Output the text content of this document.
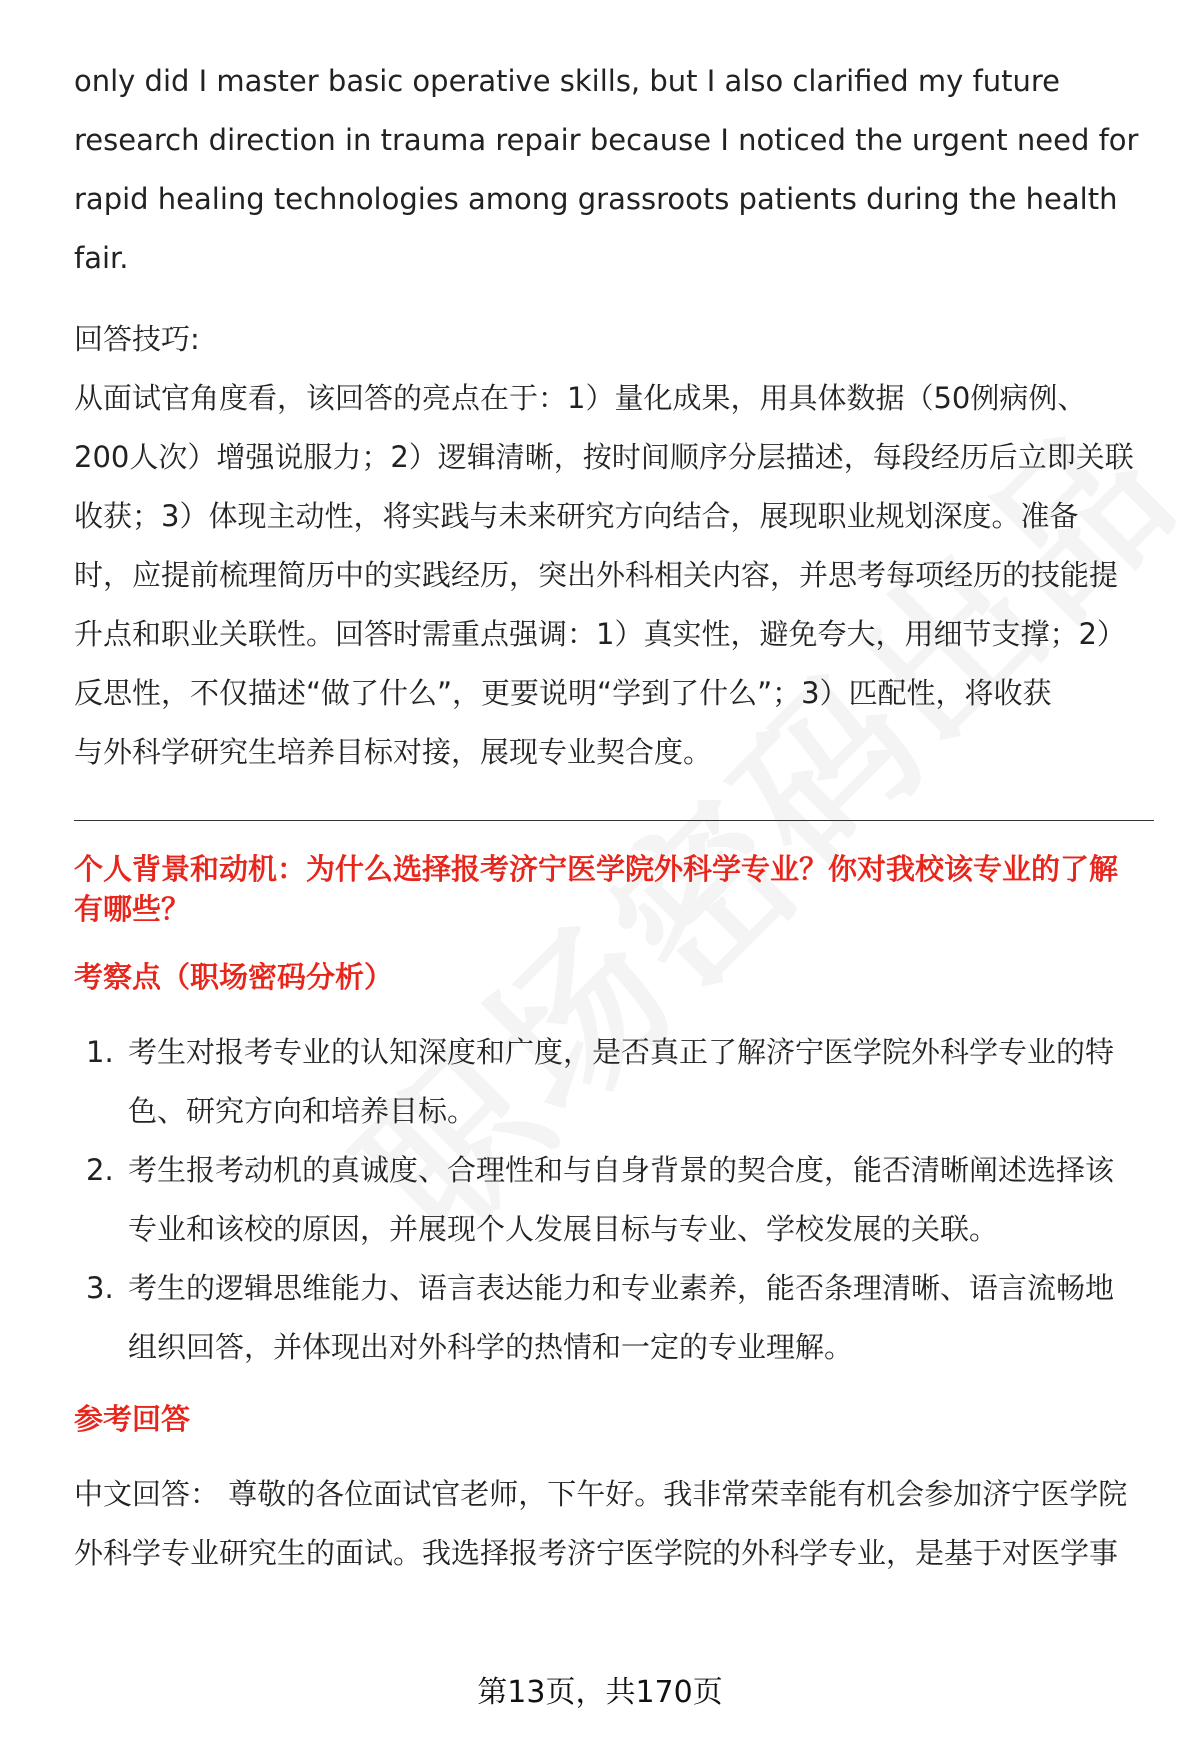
only did I master basic operative skills, but I also clarified my future

research direction in trauma repair because I noticed the urgent need for

rapid healing technologies among grassroots patients during the health

fair.

回答技巧:

从面试官角度看，该回答的亮点在于：1）量化成果，用具体数据（50例病例、

200人次）增强说服力；2）逻辑清晰，按时间顺序分层描述，每段经历后立即关联

收获；3）体现主动性，将实践与未来研究方向结合，展现职业规划深度。准备

时，应提前梳理简历中的实践经历，突出外科相关内容，并思考每项经历的技能提

升点和职业关联性。回答时需重点强调：1）真实性，避免夸大，用细节支撑；2）

反思性，不仅描述“做了什么”，更要说明“学到了什么”；3）匹配性，将收获

与外科学研究生培养目标对接，展现专业契合度。

个人背景和动机：为什么选择报考济宁医学院外科学专业？你对我校该专业的了解

有哪些？

考察点（职场密码分析）

1. 考生对报考专业的认知深度和广度，是否真正了解济宁医学院外科学专业的特
色、研究方向和培养目标。
2. 考生报考动机的真诚度、合理性和与自身背景的契合度，能否清晰阐述选择该
专业和该校的原因，并展现个人发展目标与专业、学校发展的关联。
3. 考生的逻辑思维能力、语言表达能力和专业素养，能否条理清晰、语言流畅地
组织回答，并体现出对外科学的热情和一定的专业理解。

参考回答

中文回答： 尊敬的各位面试官老师，下午好。我非常荣幸能有机会参加济宁医学院

外科学专业研究生的面试。我选择报考济宁医学院的外科学专业，是基于对医学事

第13页，共170页
